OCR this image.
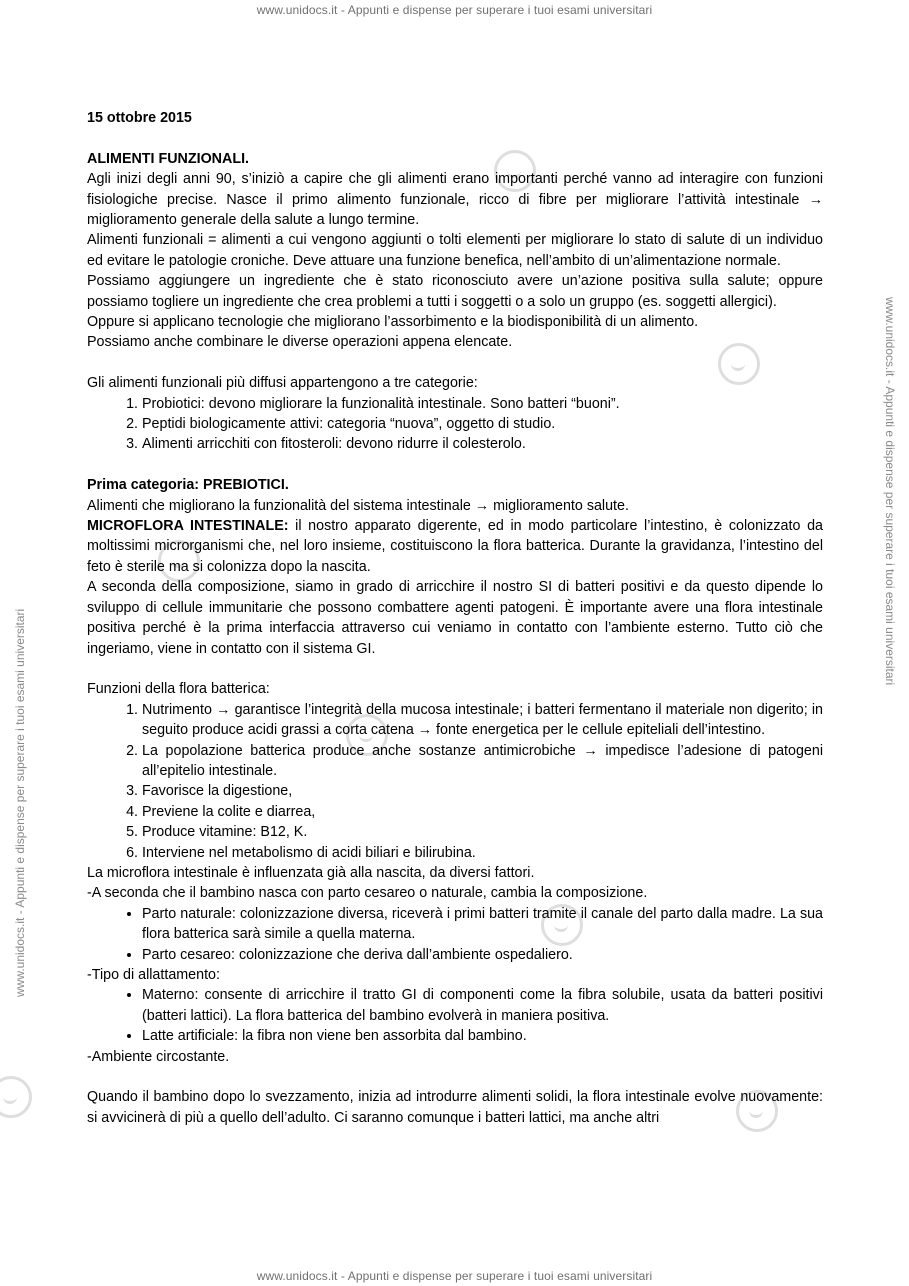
www.unidocs.it - Appunti e dispense per superare i tuoi esami universitari
www.unidocs.it - Appunti e dispense per superare i tuoi esami universitari
www.unidocs.it - Appunti e dispense per superare i tuoi esami universitari
www.unidocs.it - Appunti e dispense per superare i tuoi esami universitari

15 ottobre 2015

ALIMENTI FUNZIONALI.

Agli inizi degli anni 90, s’iniziò a capire che gli alimenti erano importanti perché vanno ad interagire con funzioni fisiologiche precise. Nasce il primo alimento funzionale, ricco di fibre per migliorare l’attività intestinale → miglioramento generale della salute a lungo termine.

Alimenti funzionali = alimenti a cui vengono aggiunti o tolti elementi per migliorare lo stato di salute di un individuo ed evitare le patologie croniche. Deve attuare una funzione benefica, nell’ambito di un’alimentazione normale.

Possiamo aggiungere un ingrediente che è stato riconosciuto avere un’azione positiva sulla salute; oppure possiamo togliere un ingrediente che crea problemi a tutti i soggetti o a solo un gruppo (es. soggetti allergici).

Oppure si applicano tecnologie che migliorano l’assorbimento e la biodisponibilità di un alimento.

Possiamo anche combinare le diverse operazioni appena elencate.

Gli alimenti funzionali più diffusi appartengono a tre categorie:

1. Probiotici: devono migliorare la funzionalità intestinale. Sono batteri “buoni”.
2. Peptidi biologicamente attivi: categoria “nuova”, oggetto di studio.
3. Alimenti arricchiti con fitosteroli: devono ridurre il colesterolo.

Prima categoria: PREBIOTICI.

Alimenti che migliorano la funzionalità del sistema intestinale → miglioramento salute.

MICROFLORA INTESTINALE: il nostro apparato digerente, ed in modo particolare l’intestino, è colonizzato da moltissimi microrganismi che, nel loro insieme, costituiscono la flora batterica. Durante la gravidanza, l’intestino del feto è sterile ma si colonizza dopo la nascita.

A seconda della composizione, siamo in grado di arricchire il nostro SI di batteri positivi e da questo dipende lo sviluppo di cellule immunitarie che possono combattere agenti patogeni. È importante avere una flora intestinale positiva perché è la prima interfaccia attraverso cui veniamo in contatto con l’ambiente esterno. Tutto ciò che ingeriamo, viene in contatto con il sistema GI.

Funzioni della flora batterica:

1. Nutrimento → garantisce l’integrità della mucosa intestinale; i batteri fermentano il materiale non digerito; in seguito produce acidi grassi a corta catena → fonte energetica per le cellule epiteliali dell’intestino.
2. La popolazione batterica produce anche sostanze antimicrobiche → impedisce l’adesione di patogeni all’epitelio intestinale.
3. Favorisce la digestione,
4. Previene la colite e diarrea,
5. Produce vitamine: B12, K.
6. Interviene nel metabolismo di acidi biliari e bilirubina.

La microflora intestinale è influenzata già alla nascita, da diversi fattori.

-A seconda che il bambino nasca con parto cesareo o naturale, cambia la composizione.

• Parto naturale: colonizzazione diversa, riceverà i primi batteri tramite il canale del parto dalla madre. La sua flora batterica sarà simile a quella materna.
• Parto cesareo: colonizzazione che deriva dall’ambiente ospedaliero.

-Tipo di allattamento:

• Materno: consente di arricchire il tratto GI di componenti come la fibra solubile, usata da batteri positivi (batteri lattici). La flora batterica del bambino evolverà in maniera positiva.
• Latte artificiale: la fibra non viene ben assorbita dal bambino.

-Ambiente circostante.

Quando il bambino dopo lo svezzamento, inizia ad introdurre alimenti solidi, la flora intestinale evolve nuovamente: si avvicinerà di più a quello dell’adulto. Ci saranno comunque i batteri lattici, ma anche altri
